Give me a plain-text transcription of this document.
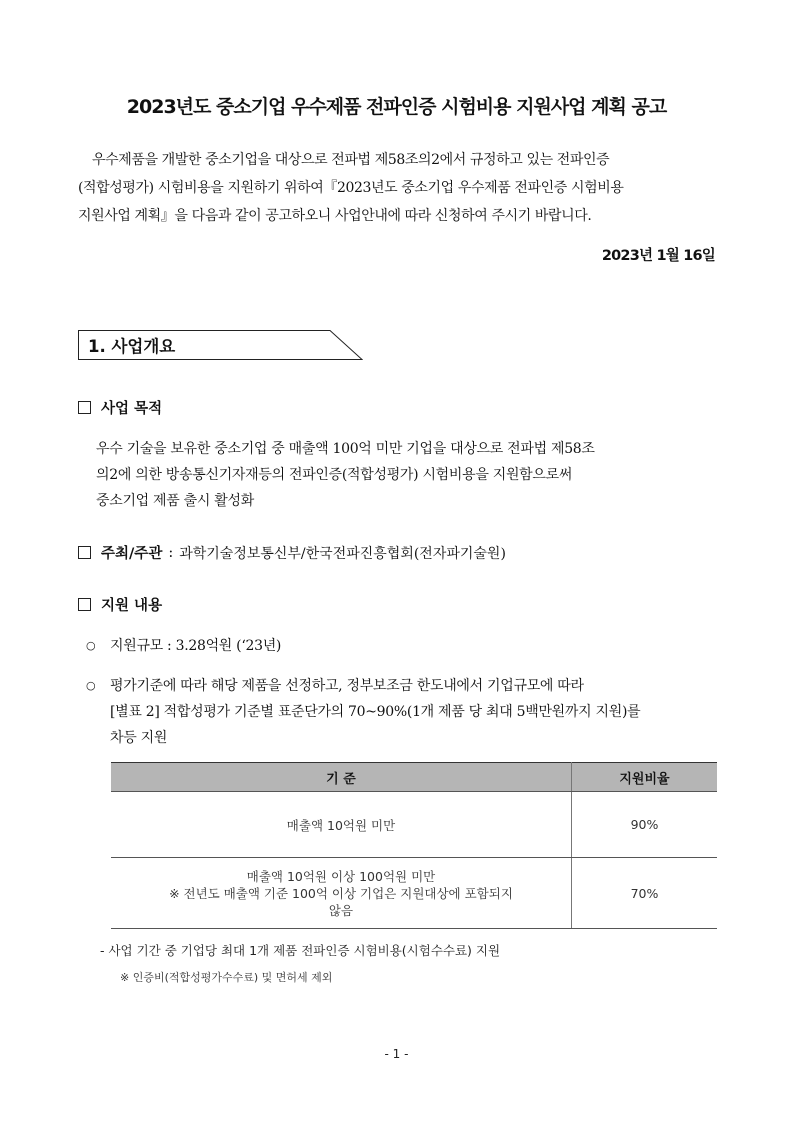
2023년도 중소기업 우수제품 전파인증 시험비용 지원사업 계획 공고

우수제품을 개발한 중소기업을 대상으로 전파법 제58조의2에서 규정하고 있는 전파인증

(적합성평가) 시험비용을 지원하기 위하여『2023년도 중소기업 우수제품 전파인증 시험비용

지원사업 계획』을 다음과 같이 공고하오니 사업안내에 따라 신청하여 주시기 바랍니다.

2023년 1월 16일
1. 사업개요
사업 목적
우수 기술을 보유한 중소기업 중 매출액 100억 미만 기업을 대상으로 전파법 제58조
의2에 의한 방송통신기자재등의 전파인증(적합성평가) 시험비용을 지원함으로써
중소기업 제품 출시 활성화
주최/주관 : 과학기술정보통신부/한국전파진흥협회(전자파기술원)
지원 내용
○	지원규모 : 3.28억원 (‘23년)
○	평가기준에 따라 해당 제품을 선정하고, 정부보조금 한도내에서 기업규모에 따라
[별표 2] 적합성평가 기준별 표준단가의 70~90%(1개 제품 당 최대 5백만원까지 지원)를
차등 지원
기 준	지원비율

매출액 10억원 미만	90%

매출액 10억원 이상 100억원 미만
※ 전년도 매출액 기준 100억 이상 기업은 지원대상에 포함되지
않음	70%
- 사업 기간 중 기업당 최대 1개 제품 전파인증 시험비용(시험수수료) 지원
※ 인증비(적합성평가수수료) 및 면허세 제외
- 1 -
